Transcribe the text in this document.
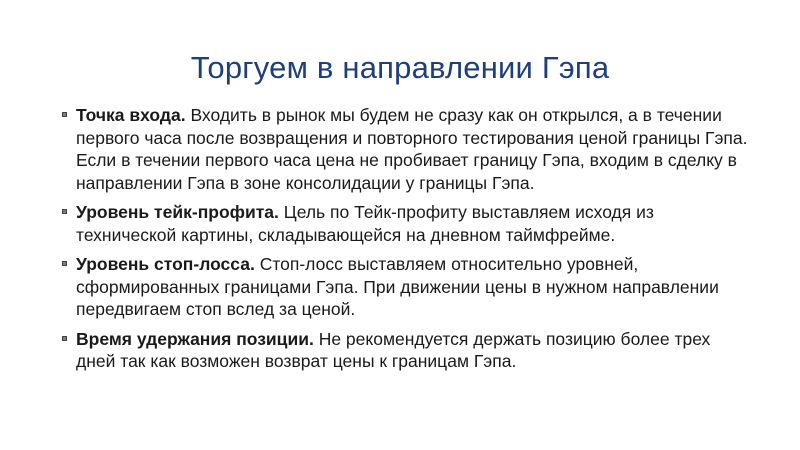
Торгуем в направлении Гэпа
Точка входа. Входить в рынок мы будем не сразу как он открылся, а в течении первого часа после возвращения и повторного тестирования ценой границы Гэпа. Если в течении первого часа цена не пробивает границу Гэпа, входим в сделку в направлении Гэпа в зоне консолидации у границы Гэпа.
Уровень тейк-профита. Цель по Тейк-профиту выставляем исходя из технической картины, складывающейся на дневном таймфрейме.
Уровень стоп-лосса. Стоп-лосс выставляем относительно уровней, сформированных границами Гэпа. При движении цены в нужном направлении передвигаем стоп вслед за ценой.
Время удержания позиции. Не рекомендуется держать позицию более трех дней так как возможен возврат цены к границам Гэпа.
